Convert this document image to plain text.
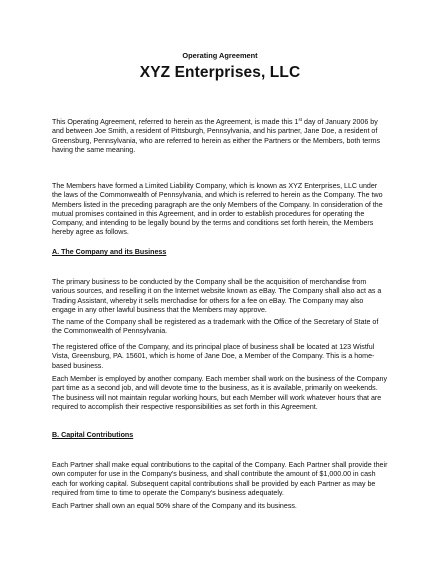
Operating Agreement
XYZ Enterprises, LLC

This Operating Agreement, referred to herein as the Agreement, is made this 1st day of January 2006 by and between Joe Smith, a resident of Pittsburgh, Pennsylvania, and his partner, Jane Doe, a resident of Greensburg, Pennsylvania, who are referred to herein as either the Partners or the Members, both terms having the same meaning.

The Members have formed a Limited Liability Company, which is known as XYZ Enterprises, LLC under the laws of the Commonwealth of Pennsylvania, and which is referred to herein as the Company. The two Members listed in the preceding paragraph are the only Members of the Company. In consideration of the mutual promises contained in this Agreement, and in order to establish procedures for operating the Company, and intending to be legally bound by the terms and conditions set forth herein, the Members hereby agree as follows.

A. The Company and its Business

The primary business to be conducted by the Company shall be the acquisition of merchandise from various sources, and reselling it on the Internet website known as eBay. The Company shall also act as a Trading Assistant, whereby it sells merchadise for others for a fee on eBay. The Company may also engage in any other lawful business that the Members may approve.

The name of the Company shall be registered as a trademark with the Office of the Secretary of State of the Commonwealth of Pennsylvania.

The registered office of the Company, and its principal place of business shall be located at 123 Wistful Vista, Greensburg, PA. 15601, which is home of Jane Doe, a Member of the Company. This is a home-based business.

Each Member is employed by another company. Each member shall work on the business of the Company part time as a second job, and will devote time to the business, as it is available, primarily on weekends. The business will not maintain regular working hours, but each Member will work whatever hours that are required to accomplish their respective responsibilities as set forth in this Agreement.

B. Capital Contributions

Each Partner shall make equal contributions to the capital of the Company. Each Partner shall provide their own computer for use in the Company's business, and shall contribute the amount of $1,000.00 in cash each for working capital. Subsequent capital contributions shall be provided by each Partner as may be required from time to time to operate the Company's business adequately.

Each Partner shall own an equal 50% share of the Company and its business.
